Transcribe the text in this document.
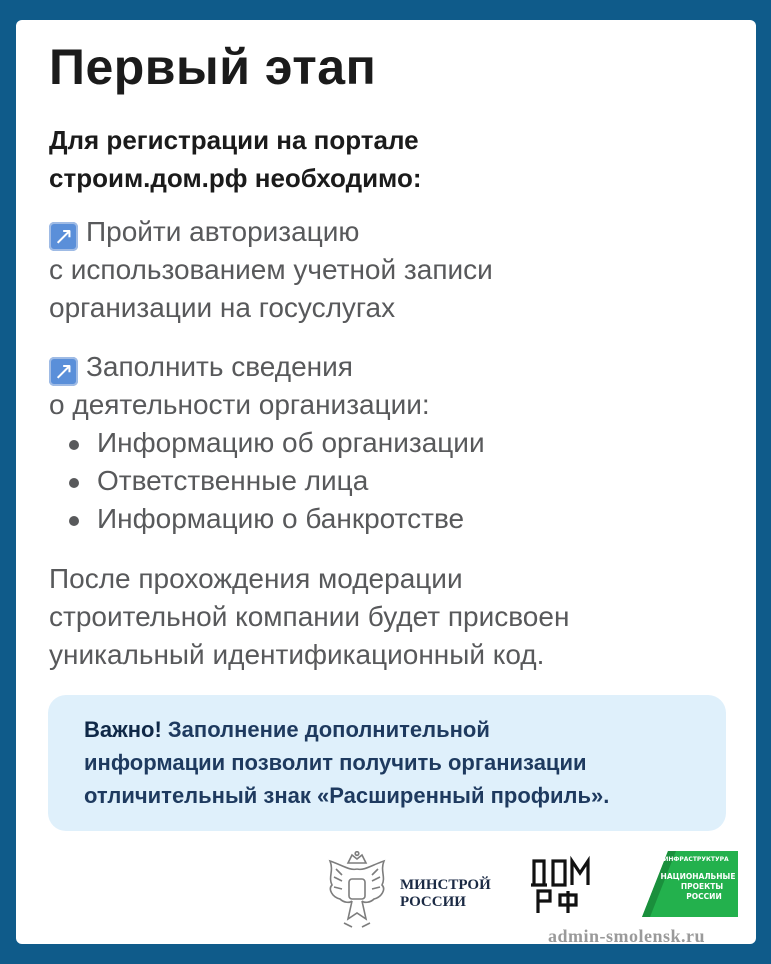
Первый этап
Для регистрации на портале
строим.дом.рф необходимо:
↗ Пройти авторизацию
с использованием учетной записи
организации на госуслугах
↗ Заполнить сведения
о деятельности организации:
Информацию об организации
Ответственные лица
Информацию о банкротстве
После прохождения модерации
строительной компании будет присвоен
уникальный идентификационный код.
Важно! Заполнение дополнительной
информации позволит получить организации
отличительный знак «Расширенный профиль».
МИНСТРОЙ
РОССИИ
ИНФРАСТРУКТУРА
НАЦИОНАЛЬНЫЕ
ПРОЕКТЫ
РОССИИ
admin-smolensk.ru
